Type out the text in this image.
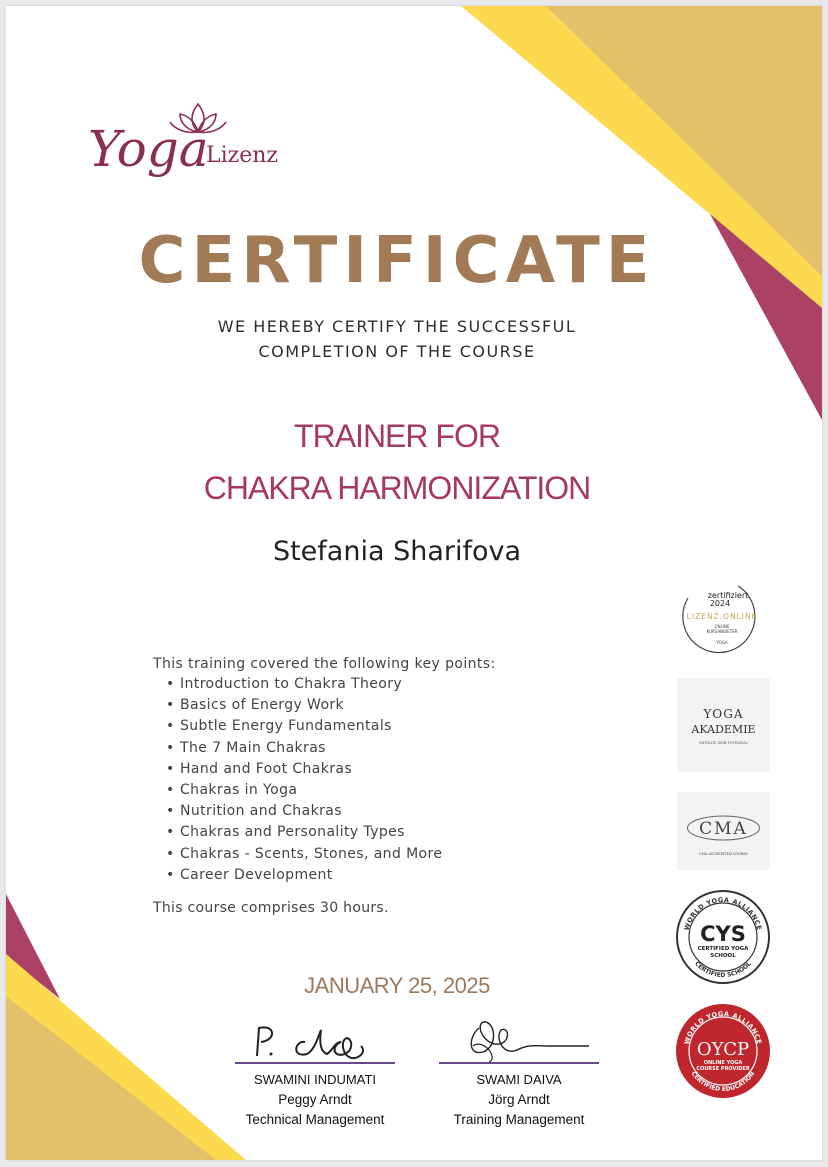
Yoga
Lizenz
CERTIFICATE
WE HEREBY CERTIFY THE SUCCESSFUL
COMPLETION OF THE COURSE
TRAINER FOR
CHAKRA HARMONIZATION
Stefania Sharifova
This training covered the following key points:
• Introduction to Chakra Theory
• Basics of Energy Work
• Subtle Energy Fundamentals
• The 7 Main Chakras
• Hand and Foot Chakras
• Chakras in Yoga
• Nutrition and Chakras
• Chakras and Personality Types
• Chakras - Scents, Stones, and More
• Career Development
This course comprises 30 hours.
JANUARY 25, 2025
SWAMINI INDUMATI
Peggy Arndt
Technical Management
SWAMI DAIVA
Jörg Arndt
Training Management
zertifiziert
2024
LIZENZ.ONLINE
ONLINE
KURSANBIETER
YOGA
YOGA
AKADEMIE
ENTFALTE DEIN POTENZIAL
CMA
CMA ACCREDITED COURSE
WORLD YOGA ALLIANCE
CERTIFIED SCHOOL
CYS
CERTIFIED YOGA
SCHOOL
WORLD YOGA ALLIANCE
CERTIFIED EDUCATION
OYCP
ONLINE YOGA
COURSE PROVIDER
